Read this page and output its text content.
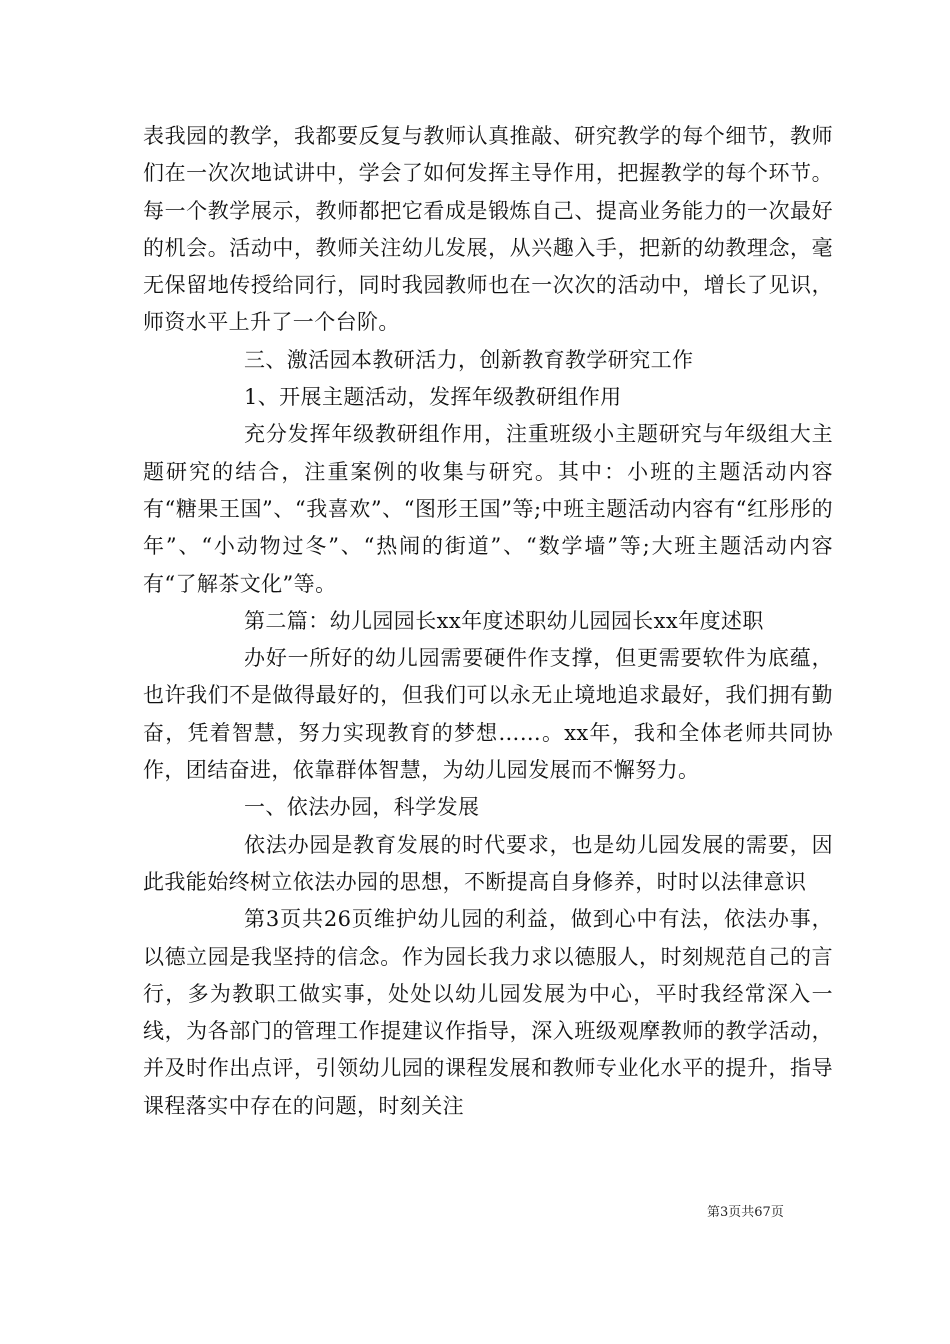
表我园的教学，我都要反复与教师认真推敲、研究教学的每个细节，教师们在一次次地试讲中，学会了如何发挥主导作用，把握教学的每个环节。每一个教学展示，教师都把它看成是锻炼自己、提高业务能力的一次最好的机会。活动中，教师关注幼儿发展，从兴趣入手，把新的幼教理念，毫无保留地传授给同行，同时我园教师也在一次次的活动中，增长了见识，师资水平上升了一个台阶。

三、激活园本教研活力，创新教育教学研究工作

1、开展主题活动，发挥年级教研组作用

充分发挥年级教研组作用，注重班级小主题研究与年级组大主题研究的结合，注重案例的收集与研究。其中：小班的主题活动内容有“糖果王国”、“我喜欢”、“图形王国”等;中班主题活动内容有“红彤彤的年”、“小动物过冬”、“热闹的街道”、“数学墙”等;大班主题活动内容有“了解茶文化”等。

第二篇：幼儿园园长xx年度述职幼儿园园长xx年度述职

办好一所好的幼儿园需要硬件作支撑，但更需要软件为底蕴，也许我们不是做得最好的，但我们可以永无止境地追求最好，我们拥有勤奋，凭着智慧，努力实现教育的梦想……。xx年，我和全体老师共同协作，团结奋进，依靠群体智慧，为幼儿园发展而不懈努力。

一、依法办园，科学发展

依法办园是教育发展的时代要求，也是幼儿园发展的需要，因此我能始终树立依法办园的思想，不断提高自身修养，时时以法律意识

第3页共26页维护幼儿园的利益，做到心中有法，依法办事，以德立园是我坚持的信念。作为园长我力求以德服人，时刻规范自己的言行，多为教职工做实事，处处以幼儿园发展为中心，平时我经常深入一线，为各部门的管理工作提建议作指导，深入班级观摩教师的教学活动，并及时作出点评，引领幼儿园的课程发展和教师专业化水平的提升，指导课程落实中存在的问题，时刻关注

第3页共67页
